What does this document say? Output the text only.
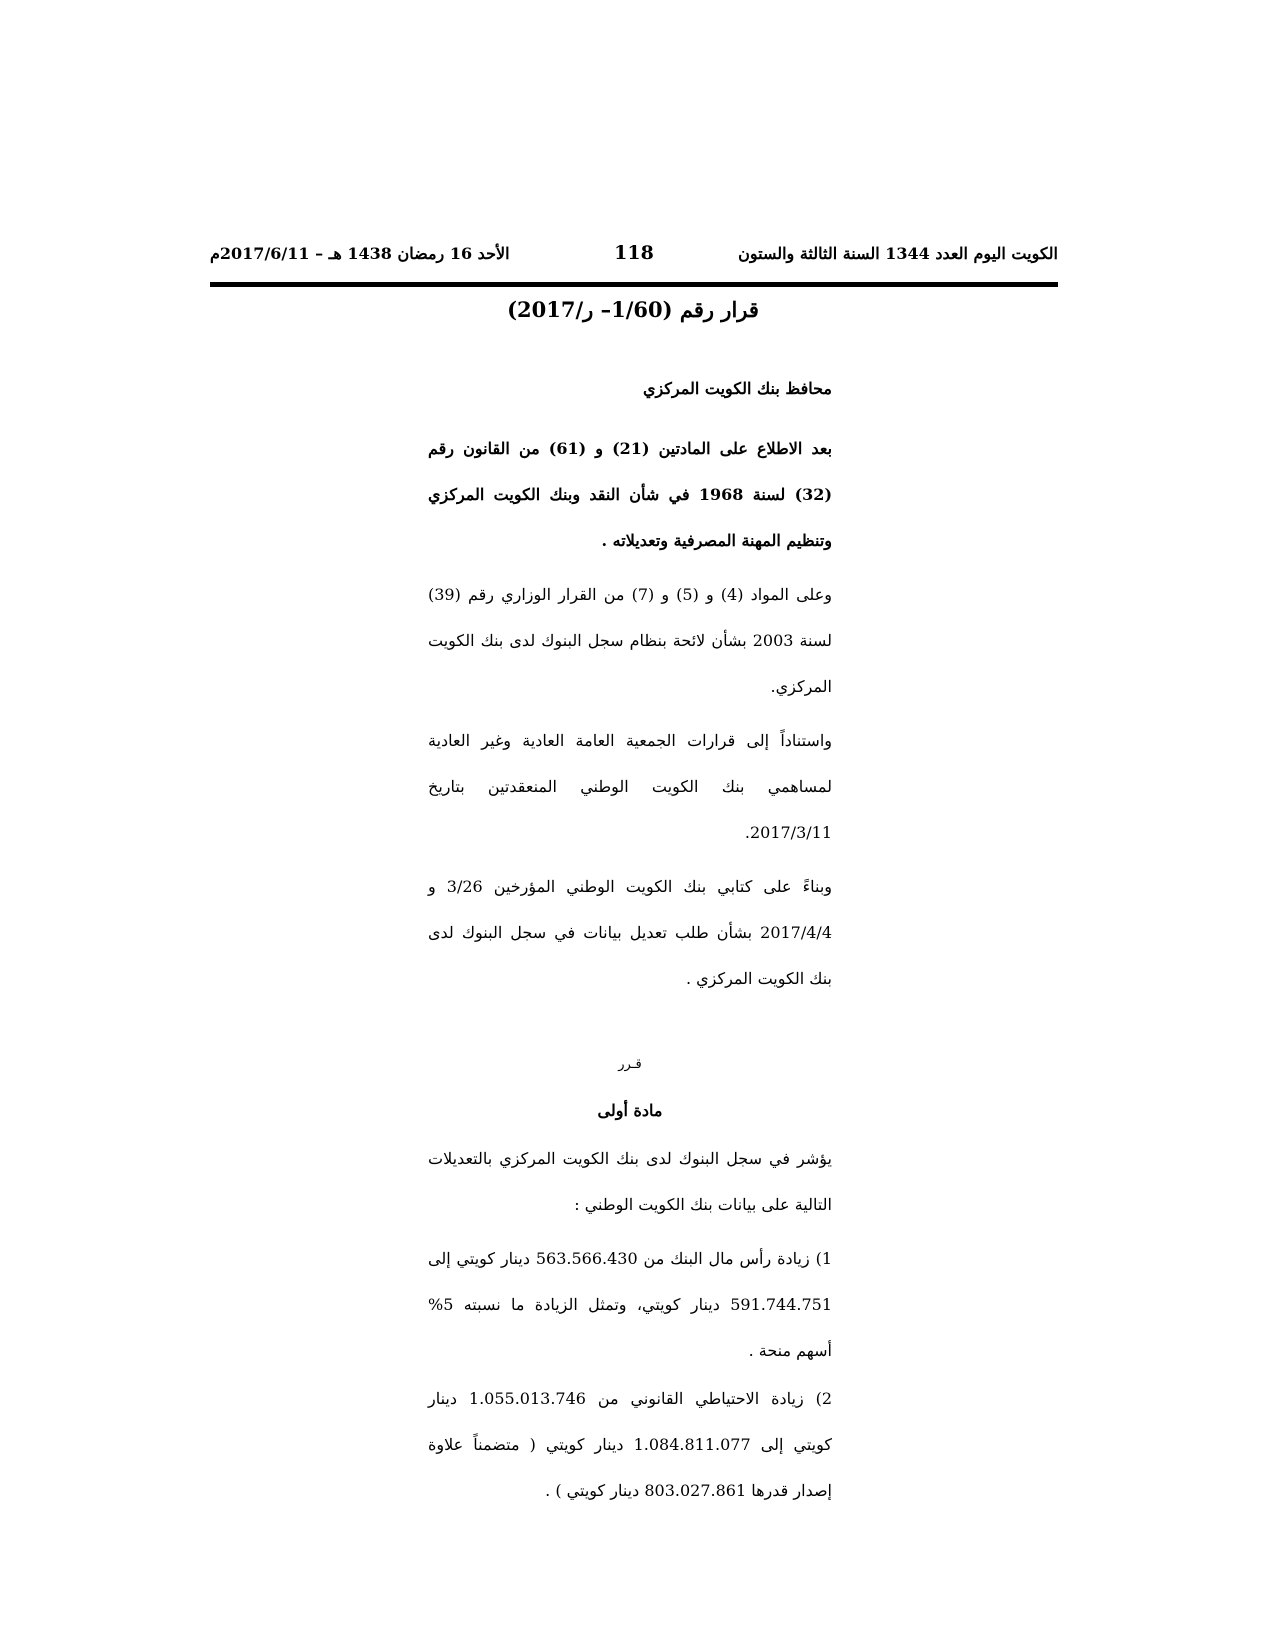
الكويت اليوم العدد 1344 السنة الثالثة والستون
118
الأحد 16 رمضان 1438 هـ – 2017/6/11م
قرار رقم (1/60– ر/2017)

محافظ بنك الكويت المركزي

بعد الاطلاع على المادتين (21) و (61) من القانون رقم (32) لسنة 1968 في شأن النقد وبنك الكويت المركزي وتنظيم المهنة المصرفية وتعديلاته .

وعلى المواد (4) و (5) و (7) من القرار الوزاري رقم (39) لسنة 2003 بشأن لائحة بنظام سجل البنوك لدى بنك الكويت المركزي.

واستناداً إلى قرارات الجمعية العامة العادية وغير العادية لمساهمي بنك الكويت الوطني المنعقدتين بتاريخ 2017/3/11.

وبناءً على كتابي بنك الكويت الوطني المؤرخين 3/26 و 2017/4/4 بشأن طلب تعديل بيانات في سجل البنوك لدى بنك الكويت المركزي .

قـرر

مادة أولى

يؤشر في سجل البنوك لدى بنك الكويت المركزي بالتعديلات التالية على بيانات بنك الكويت الوطني :

1) زيادة رأس مال البنك من 563.566.430 دينار كويتي إلى 591.744.751 دينار كويتي، وتمثل الزيادة ما نسبته 5% أسهم منحة .

2) زيادة الاحتياطي القانوني من 1.055.013.746 دينار كويتي إلى 1.084.811.077 دينار كويتي ( متضمناً علاوة إصدار قدرها 803.027.861 دينار كويتي ) .
